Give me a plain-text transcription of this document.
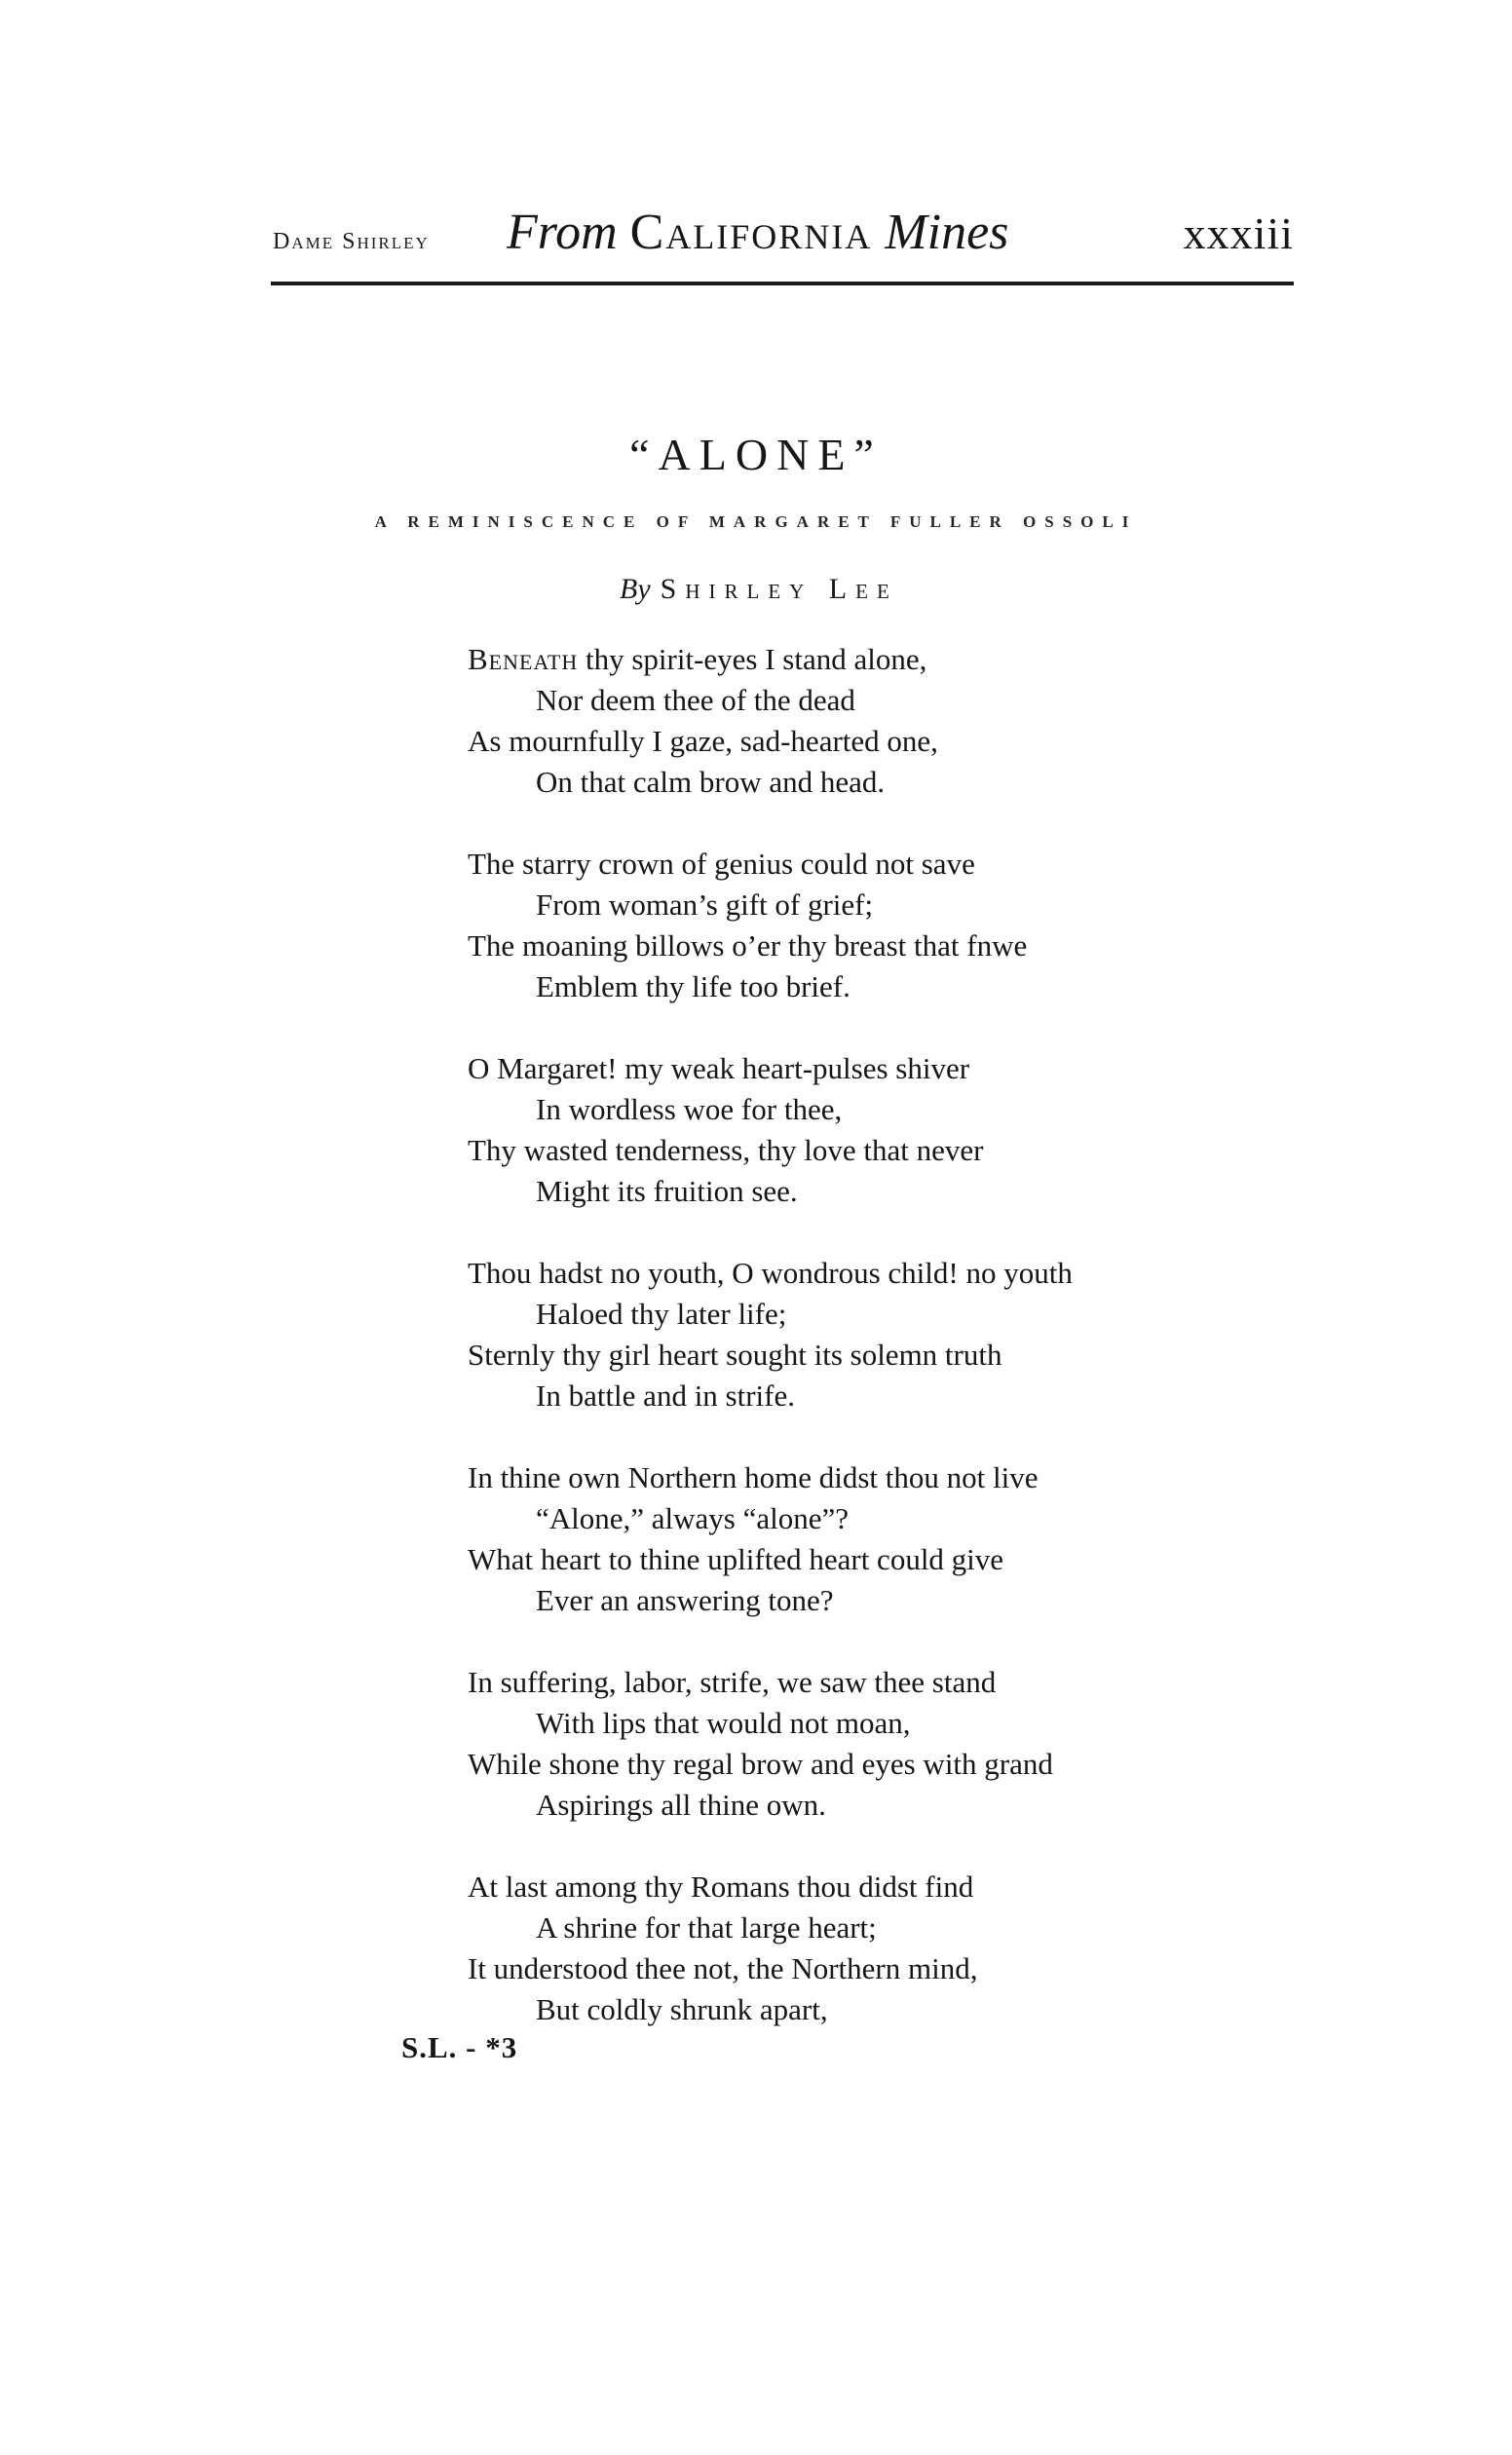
Dame Shirley From California Mines	xxxiii
“ALONE”
A REMINISCENCE OF MARGARET FULLER OSSOLI
By Shirley Lee
Beneath thy spirit-eyes I stand alone,
Nor deem thee of the dead
As mournfully I gaze, sad-hearted one,
On that calm brow and head.
The starry crown of genius could not save
From woman’s gift of grief;
The moaning billows o’er thy breast that fnwe
Emblem thy life too brief.
O Margaret! my weak heart-pulses shiver
In wordless woe for thee,
Thy wasted tenderness, thy love that never
Might its fruition see.
Thou hadst no youth, O wondrous child! no youth
Haloed thy later life;
Sternly thy girl heart sought its solemn truth
In battle and in strife.
In thine own Northern home didst thou not live
“Alone,” always “alone”?
What heart to thine uplifted heart could give
Ever an answering tone?
In suffering, labor, strife, we saw thee stand
With lips that would not moan,
While shone thy regal brow and eyes with grand
Aspirings all thine own.
At last among thy Romans thou didst find
A shrine for that large heart;
It understood thee not, the Northern mind,
But coldly shrunk apart,
S.L. - *3
